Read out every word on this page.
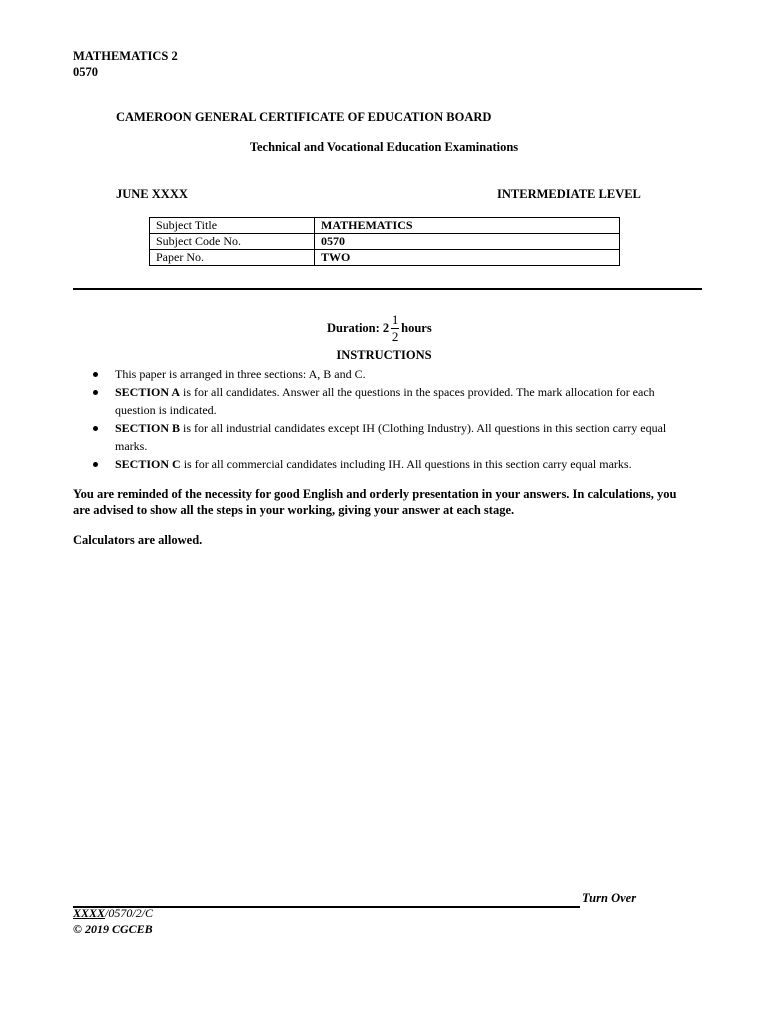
MATHEMATICS 2
0570
CAMEROON GENERAL CERTIFICATE OF EDUCATION BOARD
Technical and Vocational Education Examinations
JUNE XXXX	INTERMEDIATE LEVEL
Subject Title	MATHEMATICS
Subject Code No.	0570
Paper No.	TWO
Duration:
$2 \frac{1}{2}$ hours
INSTRUCTIONS
This paper is arranged in three sections: A, B and C.
SECTION A is for all candidates. Answer all the questions in the spaces provided. The mark allocation for each question is indicated.
SECTION B is for all industrial candidates except IH (Clothing Industry). All questions in this section carry equal marks.
SECTION C is for all commercial candidates including IH. All questions in this section carry equal marks.
You are reminded of the necessity for good English and orderly presentation in your answers. In calculations, you are advised to show all the steps in your working, giving your answer at each stage.
Calculators are allowed.
Turn Over
XXXX/0570/2/C
© 2019 CGCEB
